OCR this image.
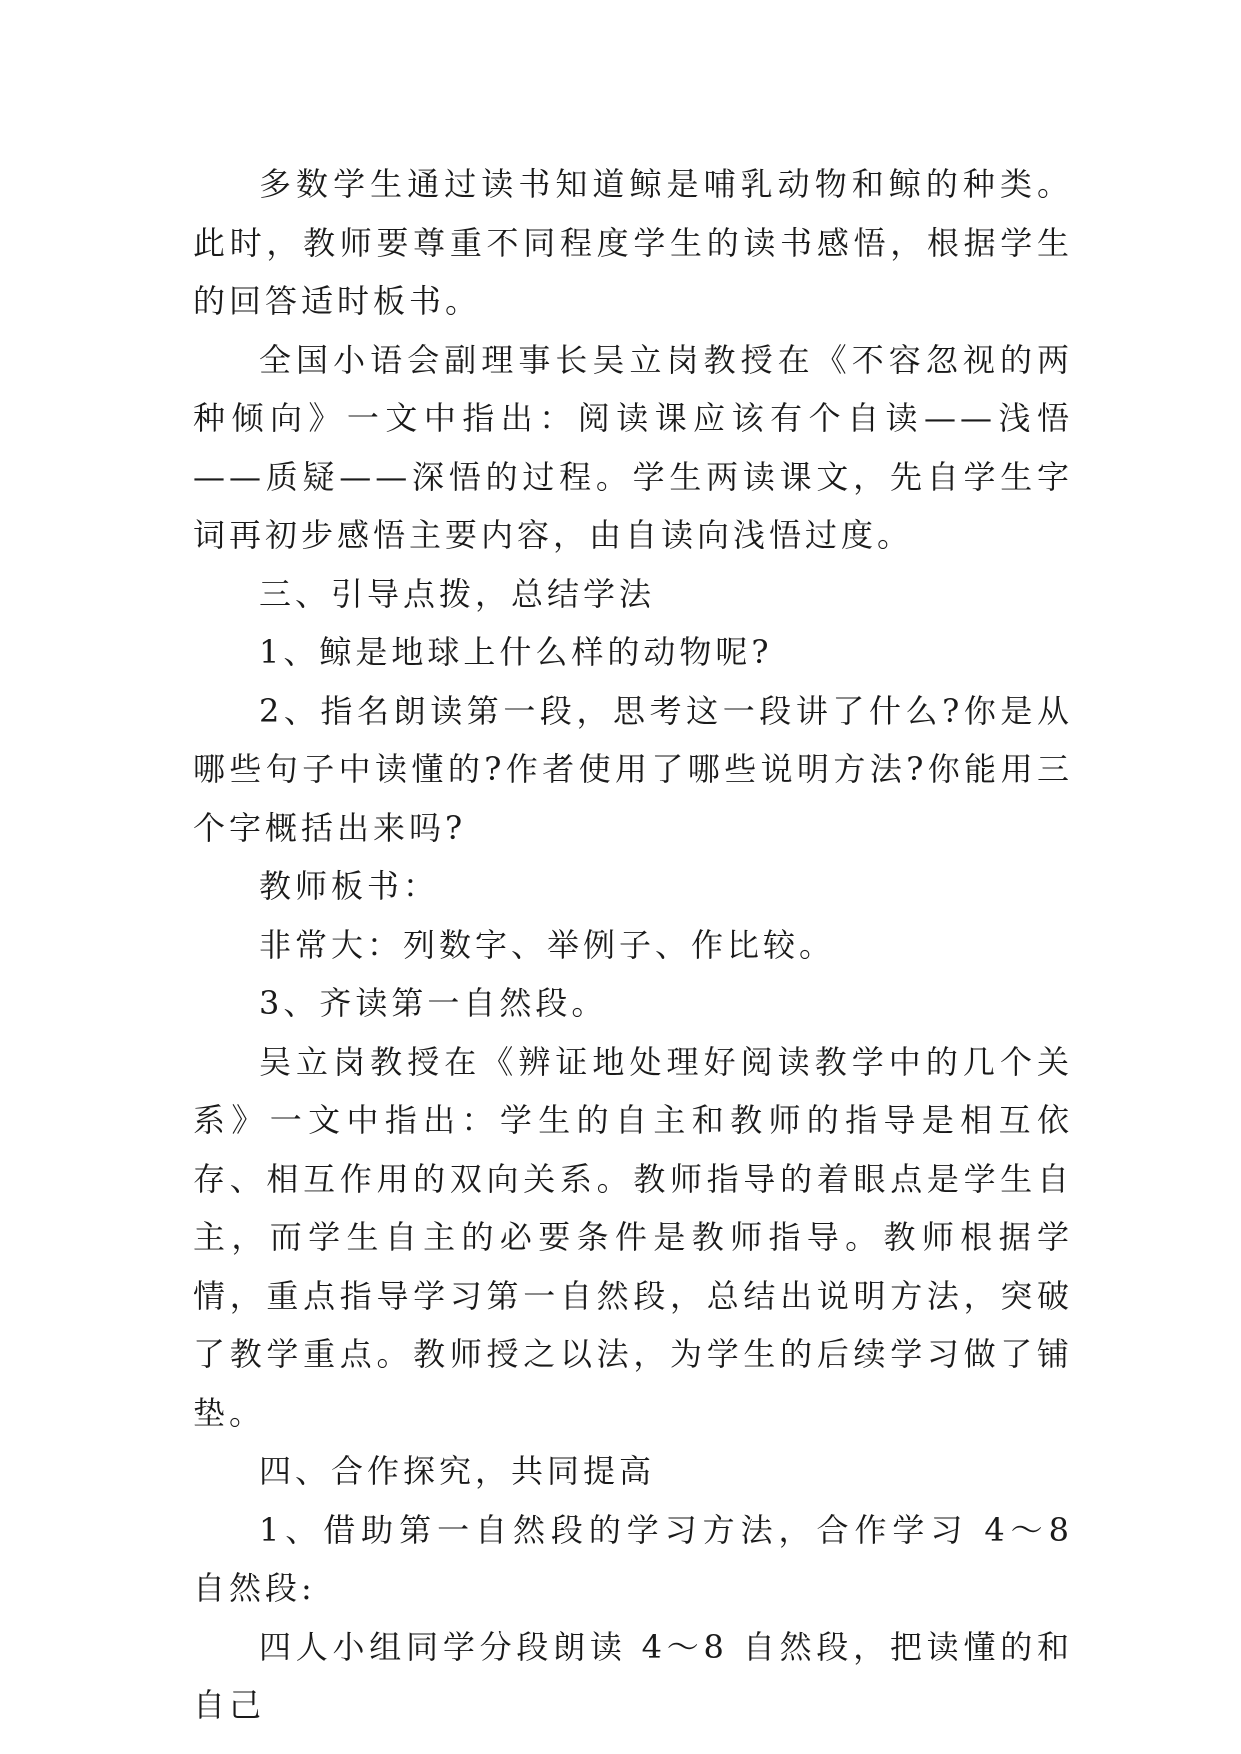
多数学生通过读书知道鲸是哺乳动物和鲸的种类。此时，教师要尊重不同程度学生的读书感悟，根据学生的回答适时板书。

全国小语会副理事长吴立岗教授在《不容忽视的两种倾向》一文中指出：阅读课应该有个自读——浅悟——质疑——深悟的过程。学生两读课文，先自学生字词再初步感悟主要内容，由自读向浅悟过度。

三、引导点拨，总结学法

1、鲸是地球上什么样的动物呢?

2、指名朗读第一段，思考这一段讲了什么?你是从哪些句子中读懂的?作者使用了哪些说明方法?你能用三个字概括出来吗?

教师板书：

非常大：列数字、举例子、作比较。

3、齐读第一自然段。

吴立岗教授在《辨证地处理好阅读教学中的几个关系》一文中指出：学生的自主和教师的指导是相互依存、相互作用的双向关系。教师指导的着眼点是学生自主，而学生自主的必要条件是教师指导。教师根据学情，重点指导学习第一自然段，总结出说明方法，突破了教学重点。教师授之以法，为学生的后续学习做了铺垫。

四、合作探究，共同提高

1、借助第一自然段的学习方法，合作学习 4～8 自然段:

四人小组同学分段朗读 4～8 自然段，把读懂的和自己
